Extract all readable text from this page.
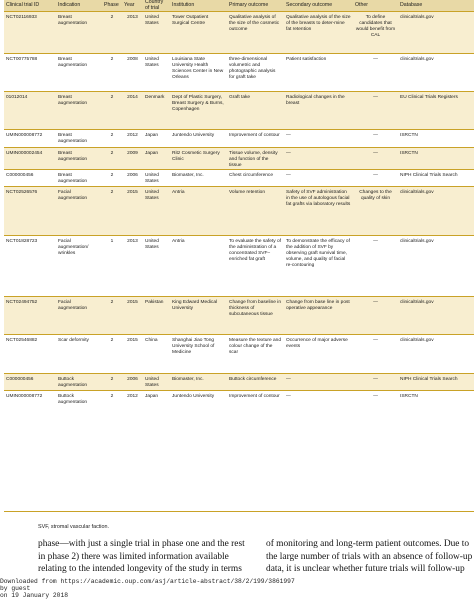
Clinical trial ID	Indication	Phase	Year	Country of trial	Institution	Primary outcome	Secondary outcome	Other	Database
NCT02116933	Breast augmentation	2	2013	United States	Tower Outpatient Surgical Centre	Qualitative analysis of the size of the cosmetic outcome	Qualitative analysis of the size of the breasts to deter-mine fat retention	To define candidates that would benefit from CAL	clinicaltrials.gov
NCT00775788	Breast augmentation	2	2008	United States	Louisiana State University Health Sciences Center in New Orleans	three-dimensional volumetric and photographic analysis for graft take	Patient satisfaction	—	clinicaltrials.gov
01012014	Breast augmentation	2	2014	Denmark	Dept of Plastic Surgery, Breast Surgery & Burns, Copenhagen	Graft take	Radiological changes in the breast	—	EU Clinical Trials Registers
UMIN000008772	Breast augmentation	2	2012	Japan	Juntendo University	Improvement of contour	—	—	ISRCTN
UMIN000002454	Breast augmentation	2	2009	Japan	Ritz Cosmetic Surgery Clinic	Tissue volume, density and function of the tissue	—	—	ISRCTN
C000000456	Breast augmentation	2	2006	United States	Biomaster, Inc.	Chest circumference	—	—	NIPH Clinical Trials Search
NCT02526576	Facial augmentation	2	2015	United States	Antria	Volume retention	Safety of SVF administration in the use of autologous facial fat grafts via laboratory results	Changes to the quality of skin	clinicaltrials.gov
NCT01828723	Facial augmentation/ wrinkles	1	2013	United States	Antria	To evaluate the safety of the administration of a concentrated SVF–enriched fat graft	To demonstrate the efficacy of the addition of SVF by observing graft survival time, volume, and quality of facial re-contouring	—	clinicaltrials.gov
NCT02494752	Facial augmentation	2	2015	Pakistan	King Edward Medical University	Change from baseline in thickness of subcutaneous tissue	Change from base line in post operative appearance	—	clinicaltrials.gov
NCT02546882	Scar deformity	2	2015	China	Shanghai Jiao Tong University School of Medicine	Measure the texture and colour change of the scar	Occurrence of major adverse events	—	clinicaltrials.gov
C000000456	Buttock augmentation	2	2006	United States	Biomaster, Inc.	Buttock circumference	—	—	NIPH Clinical Trials Search
UMIN000008772	Buttock augmentation	2	2012	Japan	Juntendo University	Improvement of contour	—	—	ISRCTN
SVF, stromal vascular faction.
phase—with just a single trial in phase one and the rest in phase 2) there was limited information available relating to the intended longevity of the study in terms
of monitoring and long-term patient outcomes. Due to the large number of trials with an absence of follow-up data, it is unclear whether future trials will follow-up
Downloaded from https://academic.oup.com/asj/article-abstract/38/2/199/3861997
by guest
on 19 January 2018
